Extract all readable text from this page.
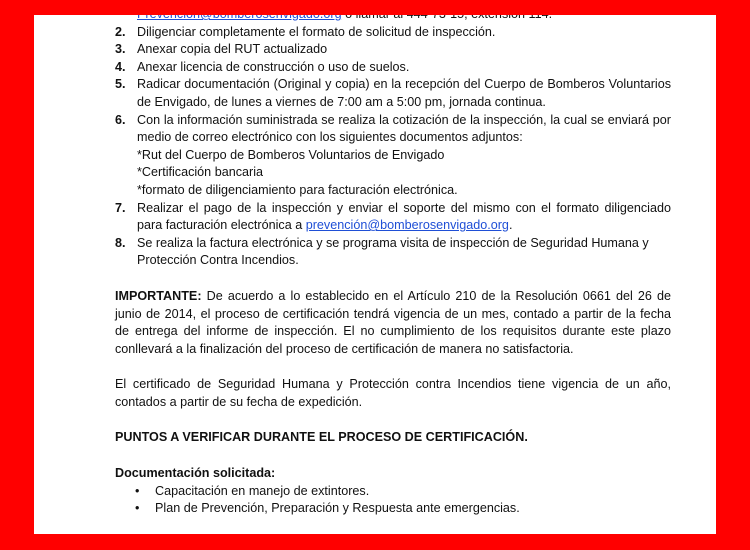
Prevención@bomberosenvigado.org o llamar al 444-73-15, extensión 114.
2. Diligenciar completamente el formato de solicitud de inspección.
3. Anexar copia del RUT actualizado
4. Anexar licencia de construcción o uso de suelos.
5. Radicar documentación (Original y copia) en la recepción del Cuerpo de Bomberos Voluntarios de Envigado, de lunes a viernes de 7:00 am a 5:00 pm, jornada continua.
6. Con la información suministrada se realiza la cotización de la inspección, la cual se enviará por medio de correo electrónico con los siguientes documentos adjuntos:
*Rut del Cuerpo de Bomberos Voluntarios de Envigado
*Certificación bancaria
*formato de diligenciamiento para facturación electrónica.
7. Realizar el pago de la inspección y enviar el soporte del mismo con el formato diligenciado para facturación electrónica a prevención@bomberosenvigado.org.
8. Se realiza la factura electrónica y se programa visita de inspección de Seguridad Humana y Protección Contra Incendios.
IMPORTANTE: De acuerdo a lo establecido en el Artículo 210 de la Resolución 0661 del 26 de junio de 2014, el proceso de certificación tendrá vigencia de un mes, contado a partir de la fecha de entrega del informe de inspección. El no cumplimiento de los requisitos durante este plazo conllevará a la finalización del proceso de certificación de manera no satisfactoria.
El certificado de Seguridad Humana y Protección contra Incendios tiene vigencia de un año, contados a partir de su fecha de expedición.
PUNTOS A VERIFICAR DURANTE EL PROCESO DE CERTIFICACIÓN.
Documentación solicitada:
• Capacitación en manejo de extintores.
• Plan de Prevención, Preparación y Respuesta ante emergencias.
